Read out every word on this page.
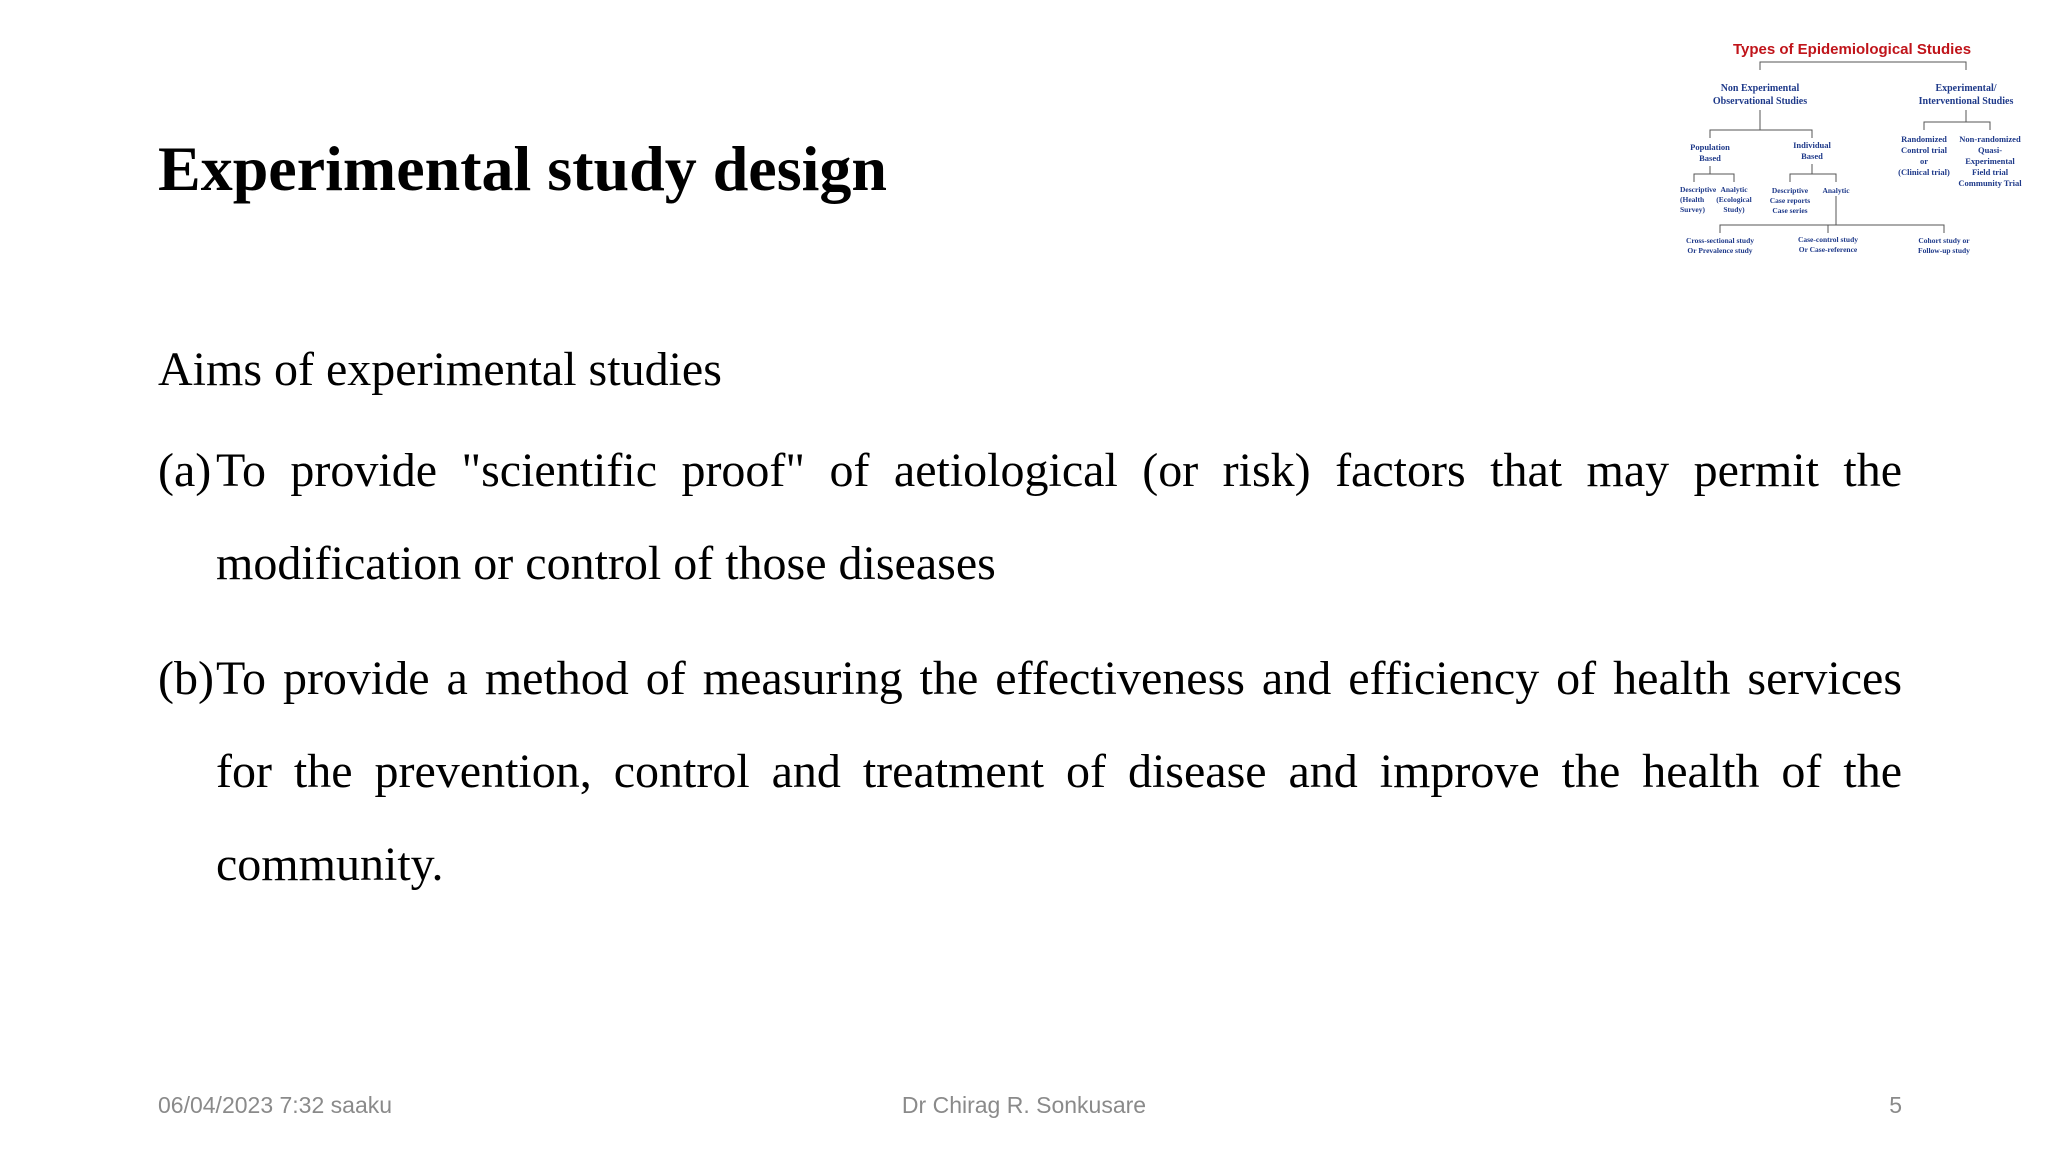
Experimental study design
Types of Epidemiological Studies
Non Experimental
Observational Studies
Experimental/
Interventional Studies
Population
Based
Individual
Based
Randomized
Control trial
or
(Clinical trial)
Non-randomized
Quasi-
Experimental
Field trial
Community Trial
Descriptive
(Health
Survey)
Analytic
(Ecological
Study)
Descriptive
Case reports
Case series
Analytic
Cross-sectional study
Or Prevalence study
Case-control study
Or Case-reference
Cohort study or
Follow-up study

Aims of experimental studies

(a) To provide "scientific proof" of aetiological (or risk) factors that may permit the modification or control of those diseases
(b) To provide a method of measuring the effectiveness and efficiency of health services for the prevention, control and treatment of disease and improve the health of the community.
06/04/2023 7:32 saaku	Dr Chirag R. Sonkusare	5
